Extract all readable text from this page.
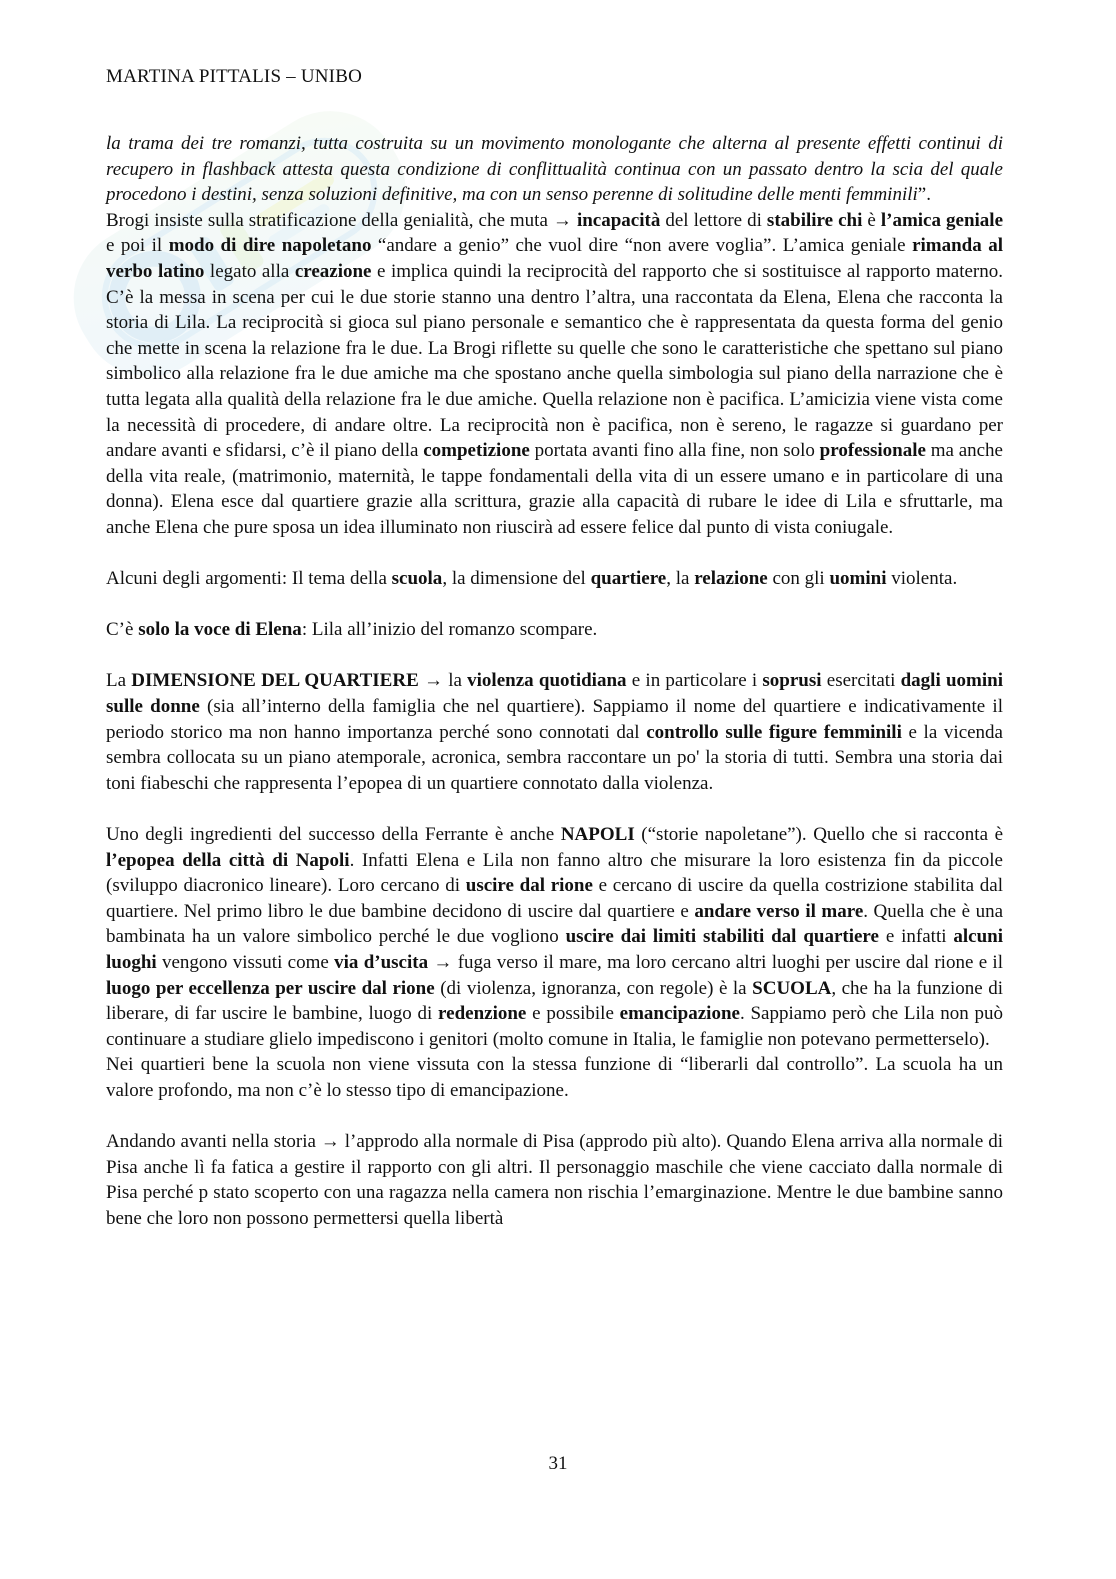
MARTINA PITTALIS – UNIBO

la trama dei tre romanzi, tutta costruita su un movimento monologante che alterna al presente effetti continui di recupero in flashback attesta questa condizione di conflittualità continua con un passato dentro la scia del quale procedono i destini, senza soluzioni definitive, ma con un senso perenne di solitudine delle menti femminili”.

Brogi insiste sulla stratificazione della genialità, che muta → incapacità del lettore di stabilire chi è l’amica geniale e poi il modo di dire napoletano “andare a genio” che vuol dire “non avere voglia”. L’amica geniale rimanda al verbo latino legato alla creazione e implica quindi la reciprocità del rapporto che si sostituisce al rapporto materno. C’è la messa in scena per cui le due storie stanno una dentro l’altra, una raccontata da Elena, Elena che racconta la storia di Lila. La reciprocità si gioca sul piano personale e semantico che è rappresentata da questa forma del genio che mette in scena la relazione fra le due. La Brogi riflette su quelle che sono le caratteristiche che spettano sul piano simbolico alla relazione fra le due amiche ma che spostano anche quella simbologia sul piano della narrazione che è tutta legata alla qualità della relazione fra le due amiche. Quella relazione non è pacifica. L’amicizia viene vista come la necessità di procedere, di andare oltre. La reciprocità non è pacifica, non è sereno, le ragazze si guardano per andare avanti e sfidarsi, c’è il piano della competizione portata avanti fino alla fine, non solo professionale ma anche della vita reale, (matrimonio, maternità, le tappe fondamentali della vita di un essere umano e in particolare di una donna). Elena esce dal quartiere grazie alla scrittura, grazie alla capacità di rubare le idee di Lila e sfruttarle, ma anche Elena che pure sposa un idea illuminato non riuscirà ad essere felice dal punto di vista coniugale.

Alcuni degli argomenti: Il tema della scuola, la dimensione del quartiere, la relazione con gli uomini violenta.

C’è solo la voce di Elena: Lila all’inizio del romanzo scompare.

La DIMENSIONE DEL QUARTIERE → la violenza quotidiana e in particolare i soprusi esercitati dagli uomini sulle donne (sia all’interno della famiglia che nel quartiere). Sappiamo il nome del quartiere e indicativamente il periodo storico ma non hanno importanza perché sono connotati dal controllo sulle figure femminili e la vicenda sembra collocata su un piano atemporale, acronica, sembra raccontare un po' la storia di tutti. Sembra una storia dai toni fiabeschi che rappresenta l’epopea di un quartiere connotato dalla violenza.

Uno degli ingredienti del successo della Ferrante è anche NAPOLI (“storie napoletane”). Quello che si racconta è l’epopea della città di Napoli. Infatti Elena e Lila non fanno altro che misurare la loro esistenza fin da piccole (sviluppo diacronico lineare). Loro cercano di uscire dal rione e cercano di uscire da quella costrizione stabilita dal quartiere. Nel primo libro le due bambine decidono di uscire dal quartiere e andare verso il mare. Quella che è una bambinata ha un valore simbolico perché le due vogliono uscire dai limiti stabiliti dal quartiere e infatti alcuni luoghi vengono vissuti come via d’uscita → fuga verso il mare, ma loro cercano altri luoghi per uscire dal rione e il luogo per eccellenza per uscire dal rione (di violenza, ignoranza, con regole) è la SCUOLA, che ha la funzione di liberare, di far uscire le bambine, luogo di redenzione e possibile emancipazione. Sappiamo però che Lila non può continuare a studiare glielo impediscono i genitori (molto comune in Italia, le famiglie non potevano permetterselo).

Nei quartieri bene la scuola non viene vissuta con la stessa funzione di “liberarli dal controllo”. La scuola ha un valore profondo, ma non c’è lo stesso tipo di emancipazione.

Andando avanti nella storia → l’approdo alla normale di Pisa (approdo più alto). Quando Elena arriva alla normale di Pisa anche lì fa fatica a gestire il rapporto con gli altri. Il personaggio maschile che viene cacciato dalla normale di Pisa perché p stato scoperto con una ragazza nella camera non rischia l’emarginazione. Mentre le due bambine sanno bene che loro non possono permettersi quella libertà

31
